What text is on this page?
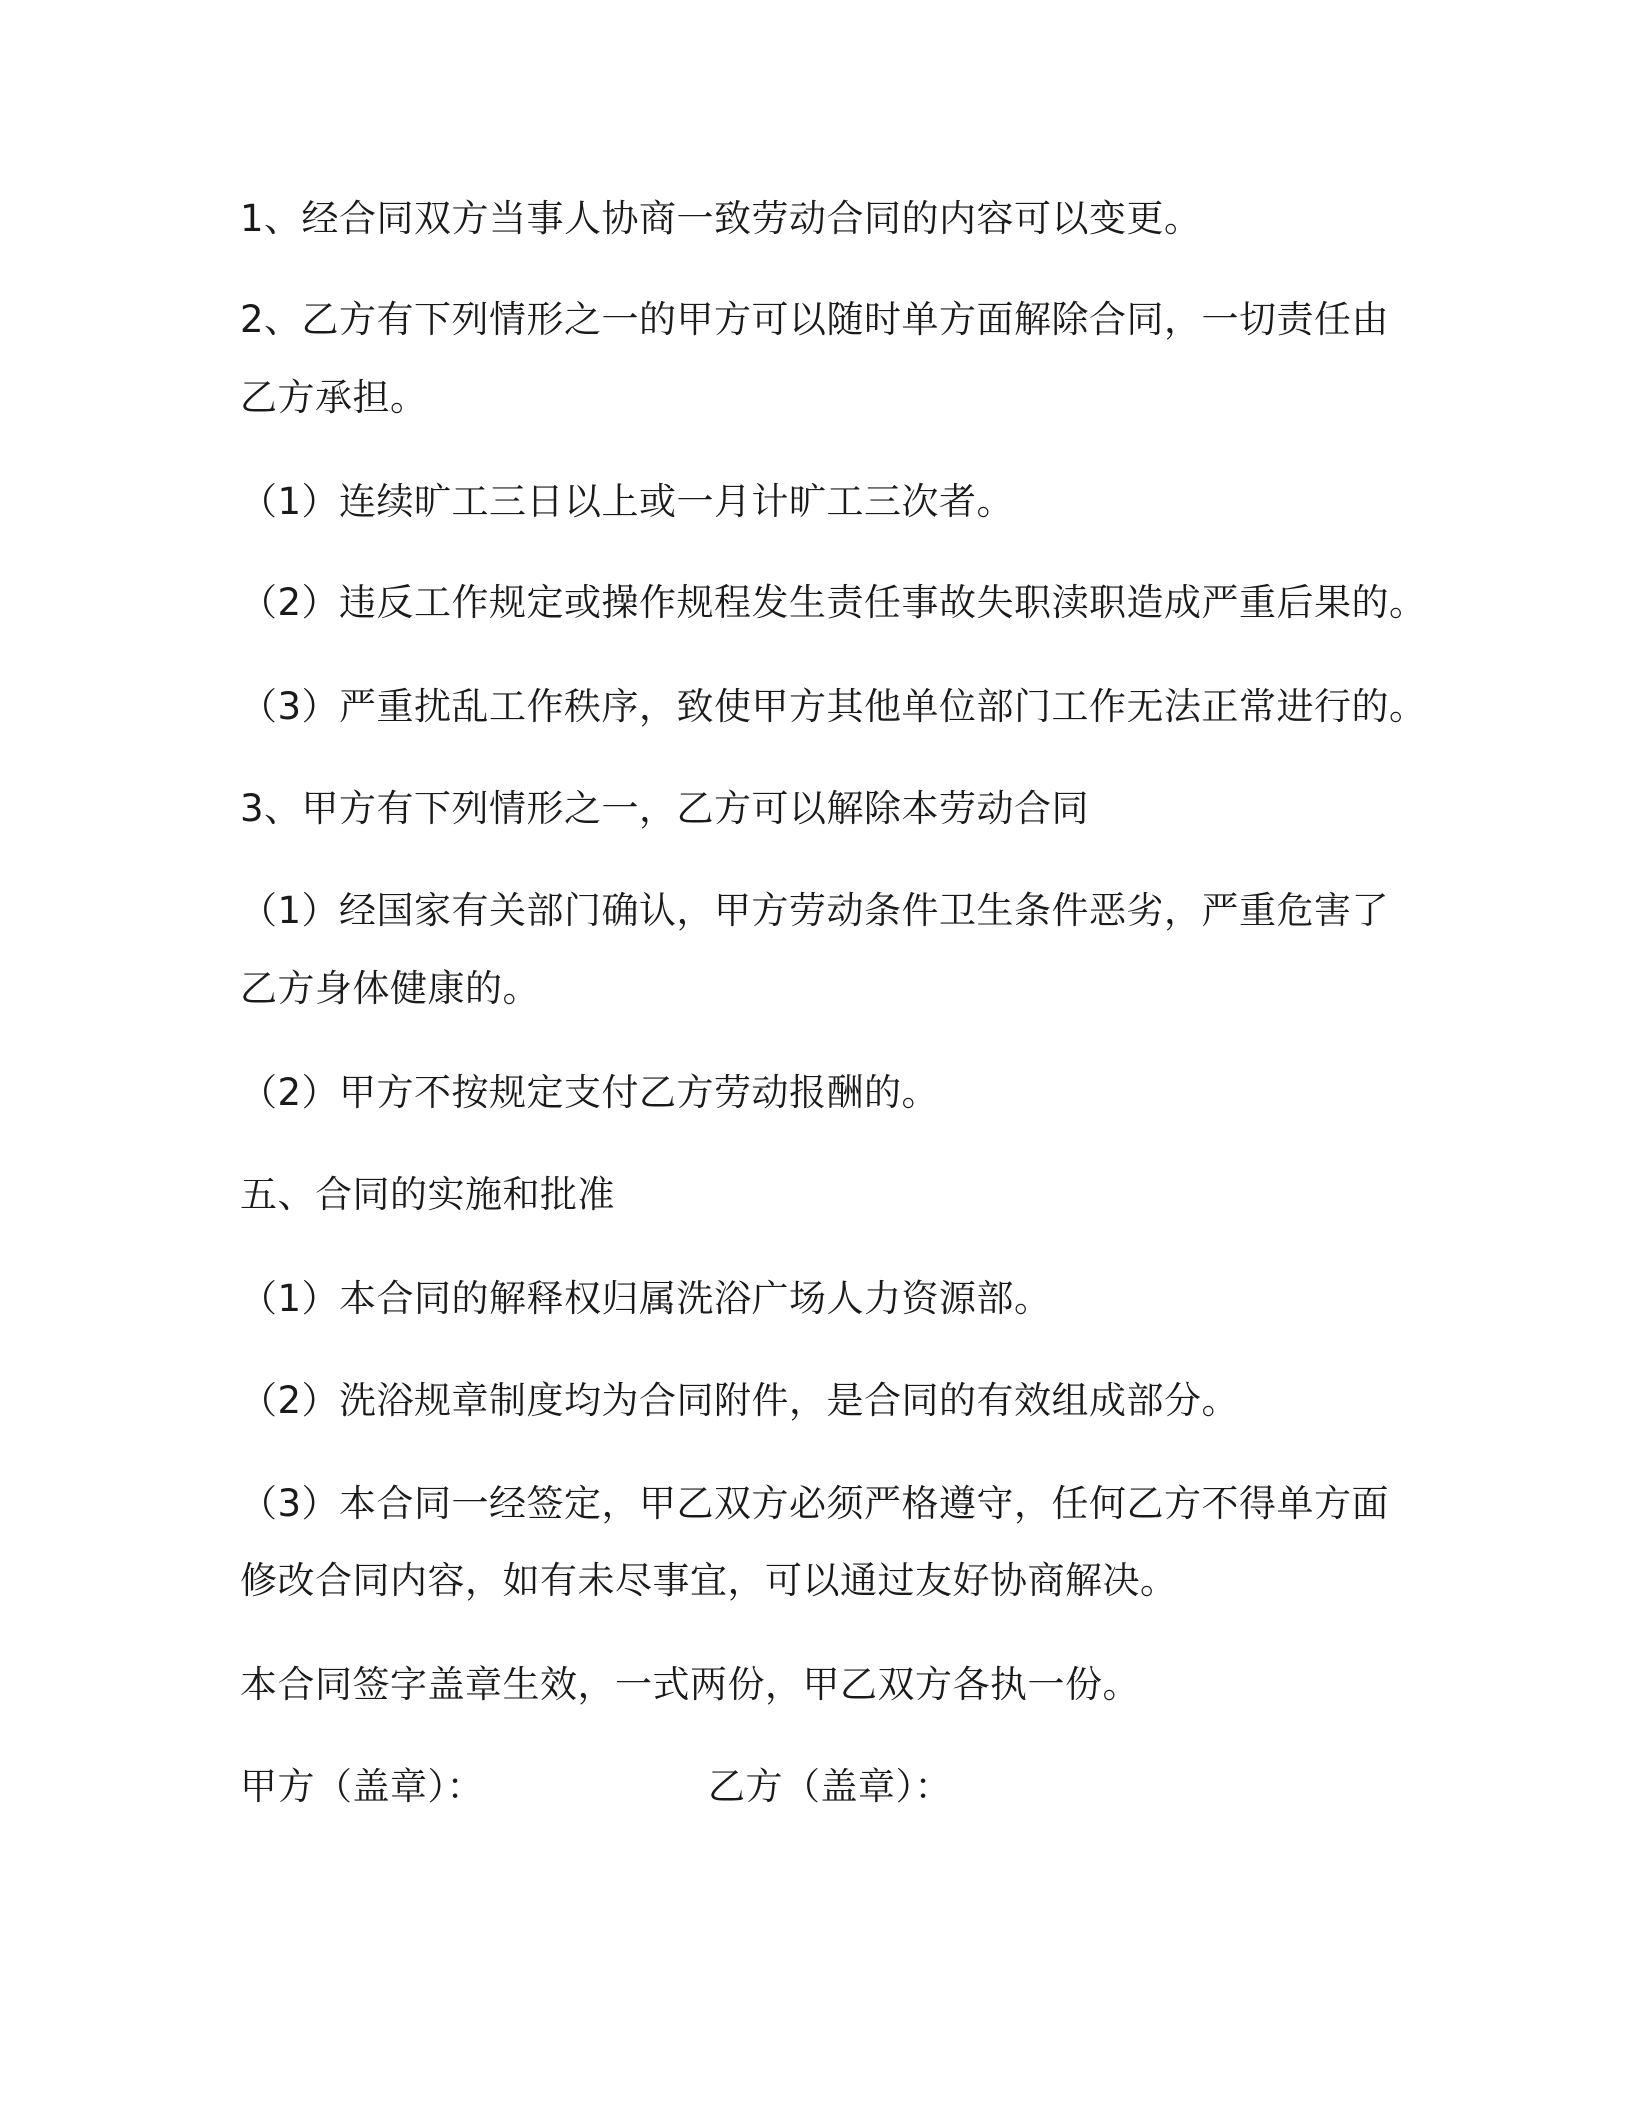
1、经合同双方当事人协商一致劳动合同的内容可以变更。
2、乙方有下列情形之一的甲方可以随时单方面解除合同，一切责任由
乙方承担。
（1）连续旷工三日以上或一月计旷工三次者。
（2）违反工作规定或操作规程发生责任事故失职渎职造成严重后果的。
（3）严重扰乱工作秩序，致使甲方其他单位部门工作无法正常进行的。
3、甲方有下列情形之一，乙方可以解除本劳动合同
（1）经国家有关部门确认，甲方劳动条件卫生条件恶劣，严重危害了
乙方身体健康的。
（2）甲方不按规定支付乙方劳动报酬的。
五、合同的实施和批准
（1）本合同的解释权归属洗浴广场人力资源部。
（2）洗浴规章制度均为合同附件，是合同的有效组成部分。
（3）本合同一经签定，甲乙双方必须严格遵守，任何乙方不得单方面
修改合同内容，如有未尽事宜，可以通过友好协商解决。
本合同签字盖章生效，一式两份，甲乙双方各执一份。
甲方（盖章）：	乙方（盖章）：
